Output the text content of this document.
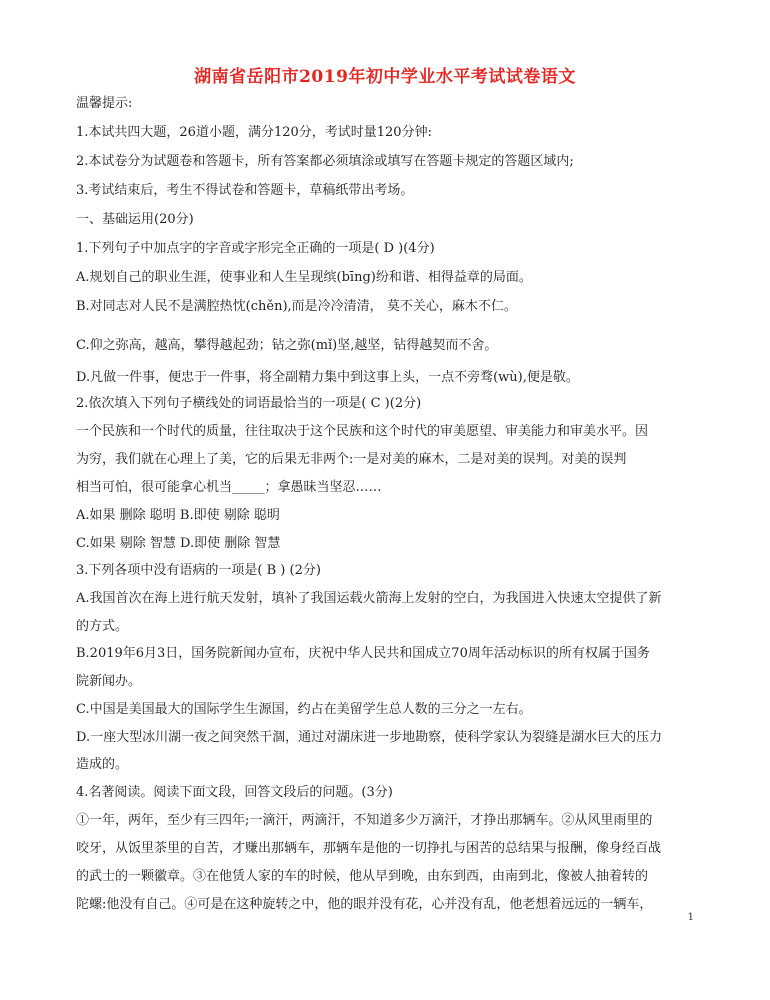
湖南省岳阳市2019年初中学业水平考试试卷语文
温馨提示:
1.本试共四大题，26道小题，满分120分，考试时量120分钟:
2.本试卷分为试题卷和答题卡，所有答案都必须填涂或填写在答题卡规定的答题区域内;
3.考试结束后，考生不得试卷和答题卡，草稿纸带出考场。
一、基础运用(20分)
1.下列句子中加点字的字音或字形完全正确的一项是( D )(4分)
A.规划自己的职业生涯，使事业和人生呈现缤(bīng)纷和谐、相得益章的局面。
B.对同志对人民不是满腔热忱(chěn),而是冷冷清清， 莫不关心，麻木不仁。
C.仰之弥高，越高，攀得越起劲；钻之弥(mǐ)坚,越坚，钻得越契而不舍。
D.凡做一件事，便忠于一件事，将全副精力集中到这事上头，一点不旁骛(wù),便是敬。
2.依次填入下列句子横线处的词语最恰当的一项是( C )(2分)
一个民族和一个时代的质量，往往取决于这个民族和这个时代的审美愿望、审美能力和审美水平。因
为穷，我们就在心理上了美，它的后果无非两个:一是对美的麻木，二是对美的误判。对美的误判
相当可怕，很可能拿心机当_____；拿愚昧当坚忍……
A.如果 删除 聪明 B.即使 剔除 聪明
C.如果 剔除 智慧 D.即使 删除 智慧
3.下列各项中没有语病的一项是( B ) (2分)
A.我国首次在海上进行航天发射，填补了我国运载火箭海上发射的空白，为我国进入快速太空提供了新
的方式。
B.2019年6月3日，国务院新闻办宣布，庆祝中华人民共和国成立70周年活动标识的所有权属于国务
院新闻办。
C.中国是美国最大的国际学生生源国，约占在美留学生总人数的三分之一左右。
D.一座大型冰川湖一夜之间突然干涸，通过对湖床进一步地勘察，使科学家认为裂缝是湖水巨大的压力
造成的。
4.名著阅读。阅读下面文段，回答文段后的问题。(3分)
①一年，两年，至少有三四年;一滴汗，两滴汗，不知道多少万滴汗，才挣出那辆车。②从风里雨里的
咬牙，从饭里茶里的自苦，才赚出那辆车，那辆车是他的一切挣扎与困苦的总结果与报酬，像身经百战
的武士的一颗徽章。③在他赁人家的车的时候，他从早到晚，由东到西，由南到北，像被人抽着转的
陀螺:他没有自己。④可是在这种旋转之中，他的眼并没有花，心并没有乱，他老想着远远的一辆车，
1
